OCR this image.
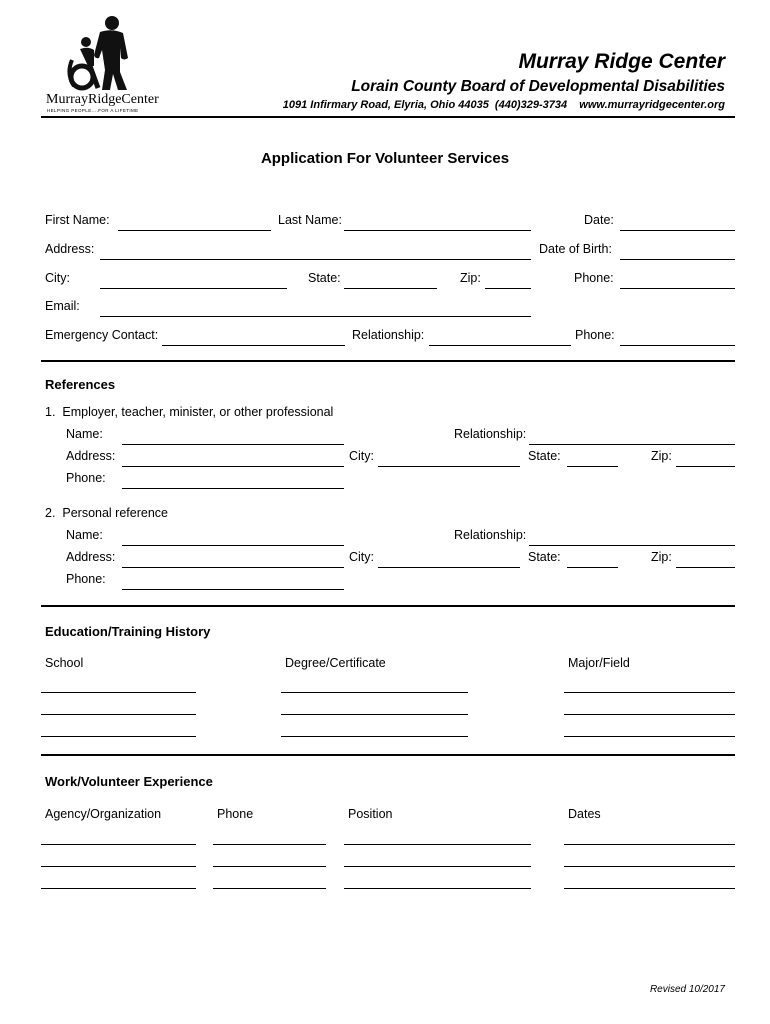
MurrayRidgeCenter
HELPING PEOPLE....FOR A LIFETIME
Murray Ridge Center
Lorain County Board of Developmental Disabilities
1091 Infirmary Road, Elyria, Ohio 44035  (440)329-3734    www.murrayridgecenter.org
Application For Volunteer Services
First Name:	Last Name:	Date:
Address:	Date of Birth:
City:	State:	Zip:	Phone:
Email:
Emergency Contact:	Relationship:	Phone:
References
1.  Employer, teacher, minister, or other professional
Name:	Relationship:
Address:	City:	State:	Zip:
Phone:
2.  Personal reference
Name:	Relationship:
Address:	City:	State:	Zip:
Phone:
Education/Training History
School	Degree/Certificate	Major/Field
Work/Volunteer Experience
Agency/Organization	Phone	Position	Dates
Revised 10/2017
